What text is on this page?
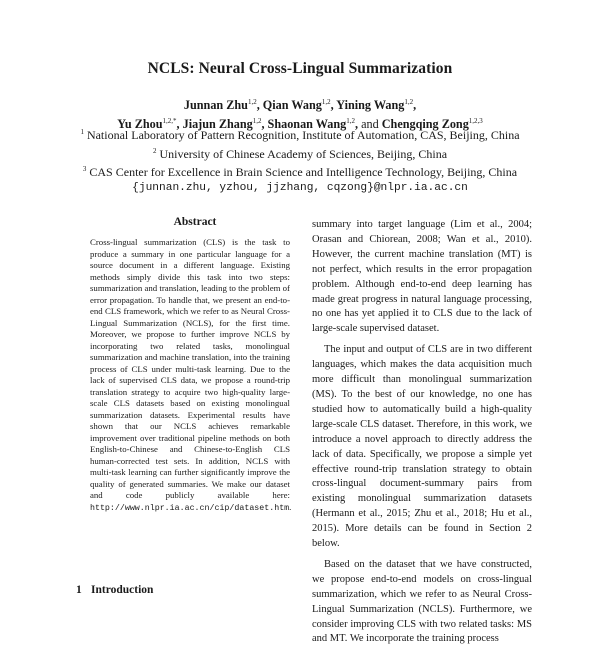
NCLS: Neural Cross-Lingual Summarization
Junnan Zhu$^{1,2}$, Qian Wang$^{1,2}$, Yining Wang$^{1,2}$,
Yu Zhou$^{1,2,*}$, Jiajun Zhang$^{1,2}$, Shaonan Wang$^{1,2}$, and Chengqing Zong$^{1,2,3}$
$^1$ National Laboratory of Pattern Recognition, Institute of Automation, CAS, Beijing, China
$^2$ University of Chinese Academy of Sciences, Beijing, China
$^3$ CAS Center for Excellence in Brain Science and Intelligence Technology, Beijing, China
{junnan.zhu, yzhou, jjzhang, cqzong}@nlpr.ia.ac.cn
Abstract
Cross-lingual summarization (CLS) is the task to produce a summary in one particular language for a source document in a different language. Existing methods simply divide this task into two steps: summarization and translation, leading to the problem of error propagation. To handle that, we present an end-to-end CLS framework, which we refer to as Neural Cross-Lingual Summarization (NCLS), for the first time. Moreover, we propose to further improve NCLS by incorporating two related tasks, monolingual summarization and machine translation, into the training process of CLS under multi-task learning. Due to the lack of supervised CLS data, we propose a round-trip translation strategy to acquire two high-quality large-scale CLS datasets based on existing monolingual summarization datasets. Experimental results have shown that our NCLS achieves remarkable improvement over traditional pipeline methods on both English-to-Chinese and Chinese-to-English CLS human-corrected test sets. In addition, NCLS with multi-task learning can further significantly improve the quality of generated summaries. We make our dataset and code publicly available here: http://www.nlpr.ia.ac.cn/cip/dataset.htm.
1 Introduction

summary into target language (Lim et al., 2004; Orasan and Chiorean, 2008; Wan et al., 2010). However, the current machine translation (MT) is not perfect, which results in the error propagation problem. Although end-to-end deep learning has made great progress in natural language processing, no one has yet applied it to CLS due to the lack of large-scale supervised dataset.

The input and output of CLS are in two different languages, which makes the data acquisition much more difficult than monolingual summarization (MS). To the best of our knowledge, no one has studied how to automatically build a high-quality large-scale CLS dataset. Therefore, in this work, we introduce a novel approach to directly address the lack of data. Specifically, we propose a simple yet effective round-trip translation strategy to obtain cross-lingual document-summary pairs from existing monolingual summarization datasets (Hermann et al., 2015; Zhu et al., 2018; Hu et al., 2015). More details can be found in Section 2 below.

Based on the dataset that we have constructed, we propose end-to-end models on cross-lingual summarization, which we refer to as Neural Cross-Lingual Summarization (NCLS). Furthermore, we consider improving CLS with two related tasks: MS and MT. We incorporate the training process
